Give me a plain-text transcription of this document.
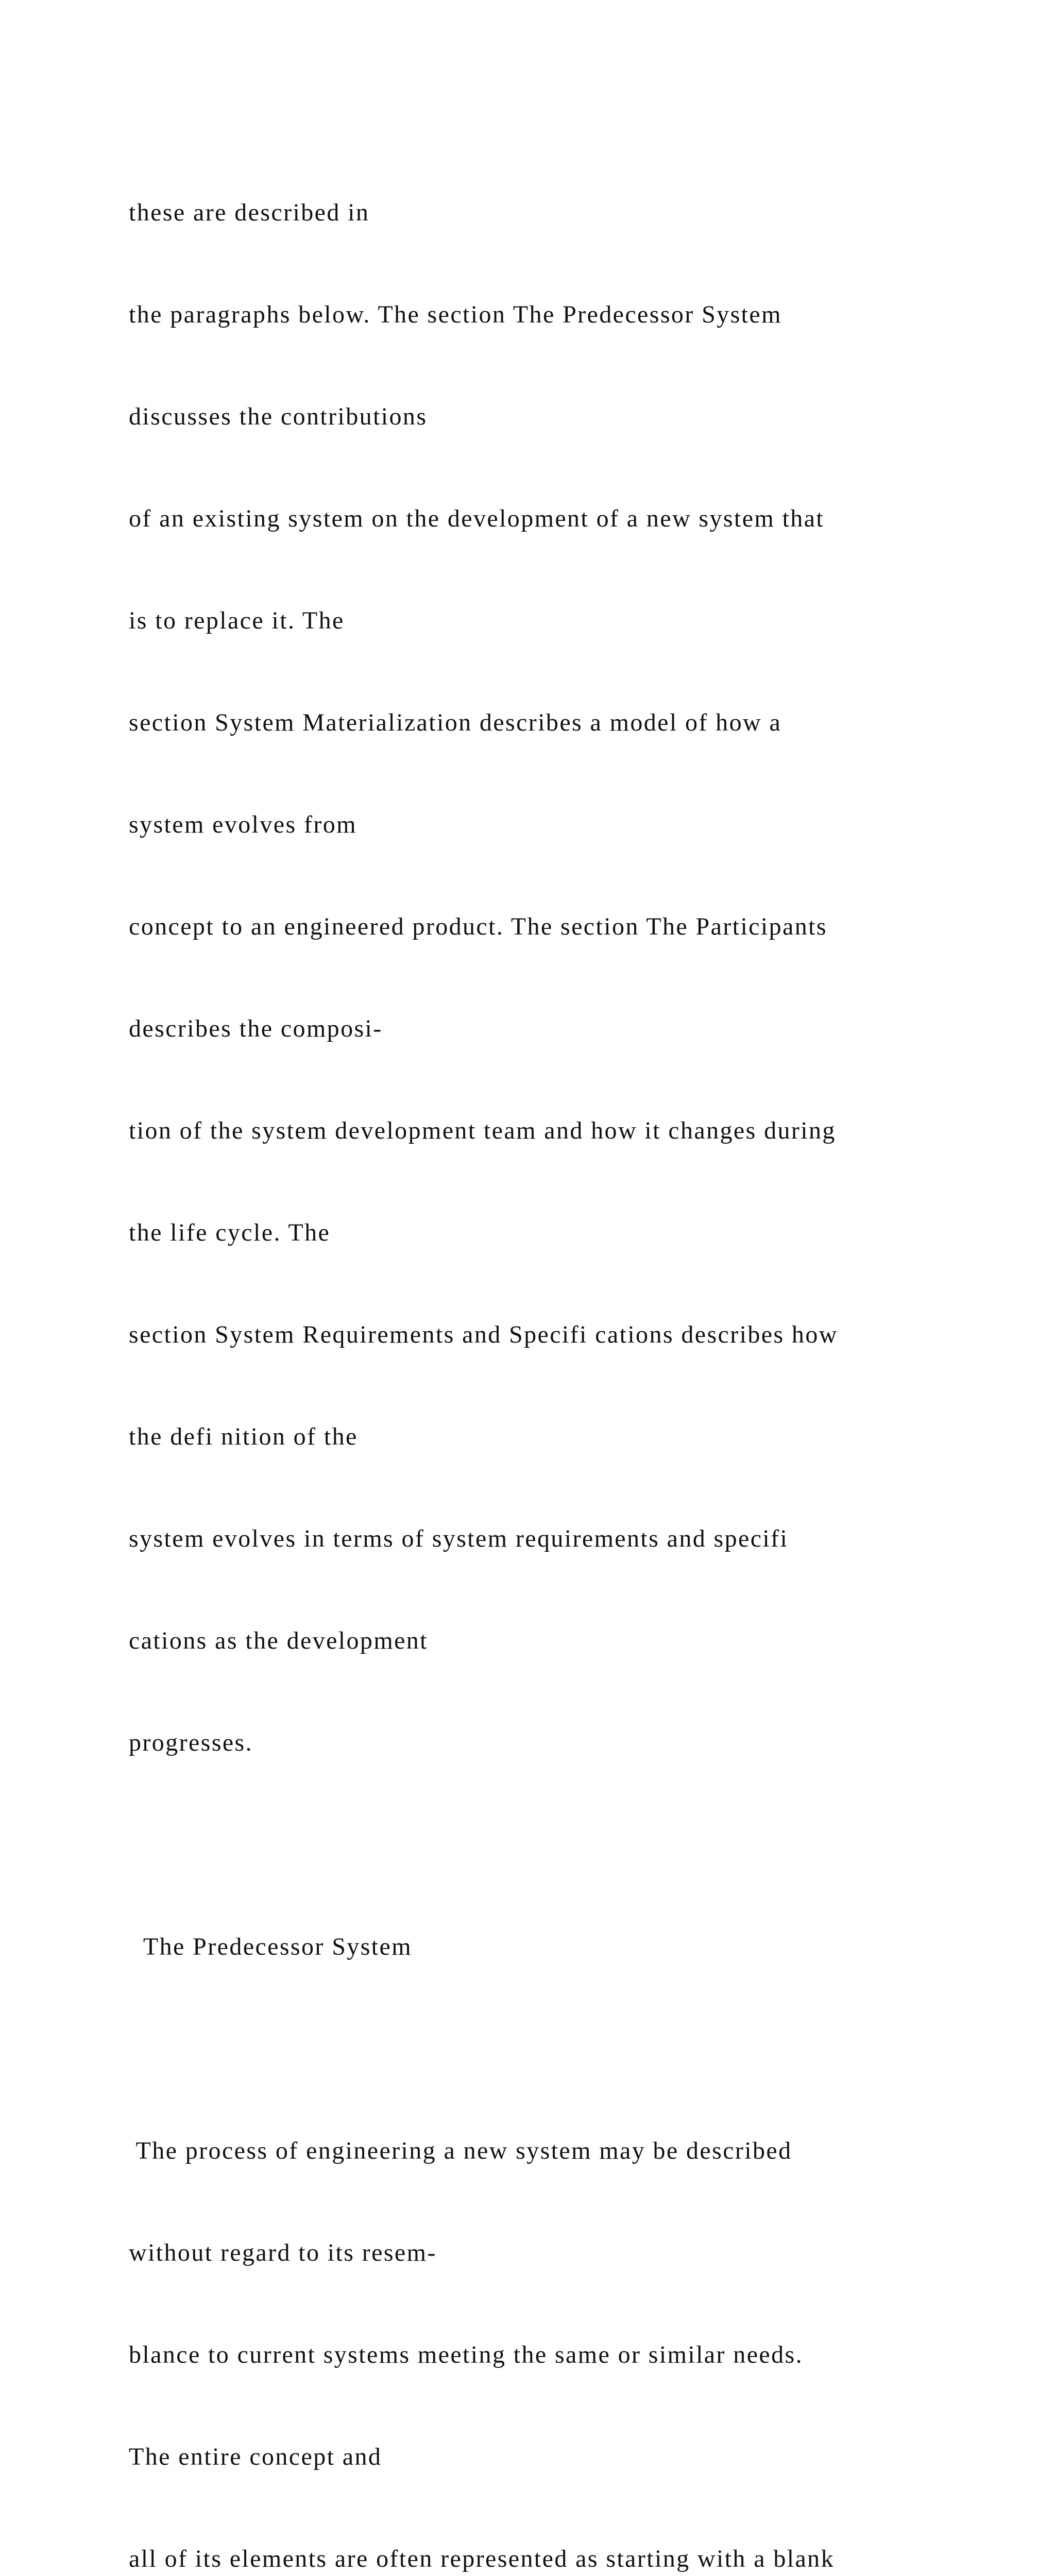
these are described in

the paragraphs below. The section The Predecessor System

discusses the contributions

of an existing system on the development of a new system that

is to replace it. The

section System Materialization describes a model of how a

system evolves from

concept to an engineered product. The section The Participants

describes the composi-

tion of the system development team and how it changes during

the life cycle. The

section System Requirements and Specifi cations describes how

the defi nition of the

system evolves in terms of system requirements and specifi

cations as the development

progresses.

The Predecessor System

The process of engineering a new system may be described

without regard to its resem-

blance to current systems meeting the same or similar needs.

The entire concept and

all of its elements are often represented as starting with a blank
